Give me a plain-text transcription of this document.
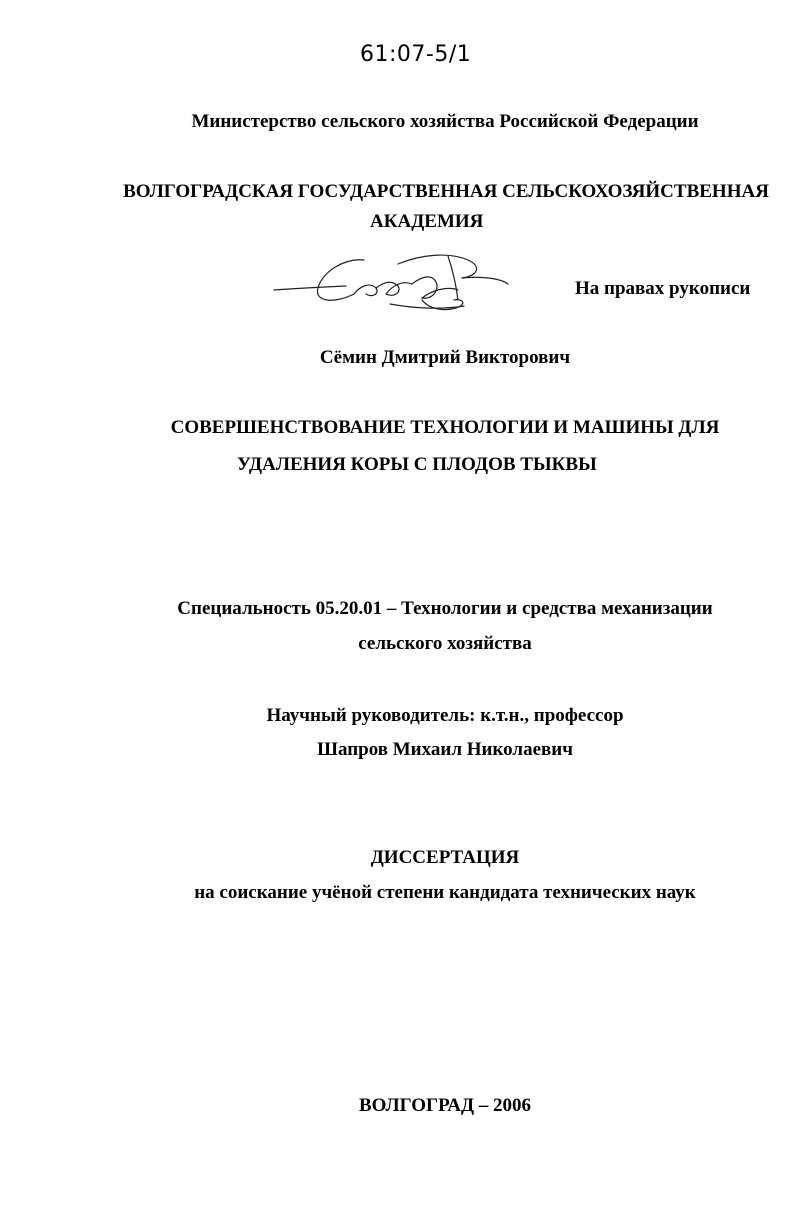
61:07-5/1
Министерство сельского хозяйства Российской Федерации
ВОЛГОГРАДСКАЯ ГОСУДАРСТВЕННАЯ СЕЛЬСКОХОЗЯЙСТВЕННАЯ
АКАДЕМИЯ
На правах рукописи
Сёмин Дмитрий Викторович
СОВЕРШЕНСТВОВАНИЕ ТЕХНОЛОГИИ И МАШИНЫ ДЛЯ
УДАЛЕНИЯ КОРЫ С ПЛОДОВ ТЫКВЫ
Специальность 05.20.01 – Технологии и средства механизации
сельского хозяйства
Научный руководитель: к.т.н., профессор
Шапров Михаил Николаевич
ДИССЕРТАЦИЯ
на соискание учёной степени кандидата технических наук
ВОЛГОГРАД – 2006
